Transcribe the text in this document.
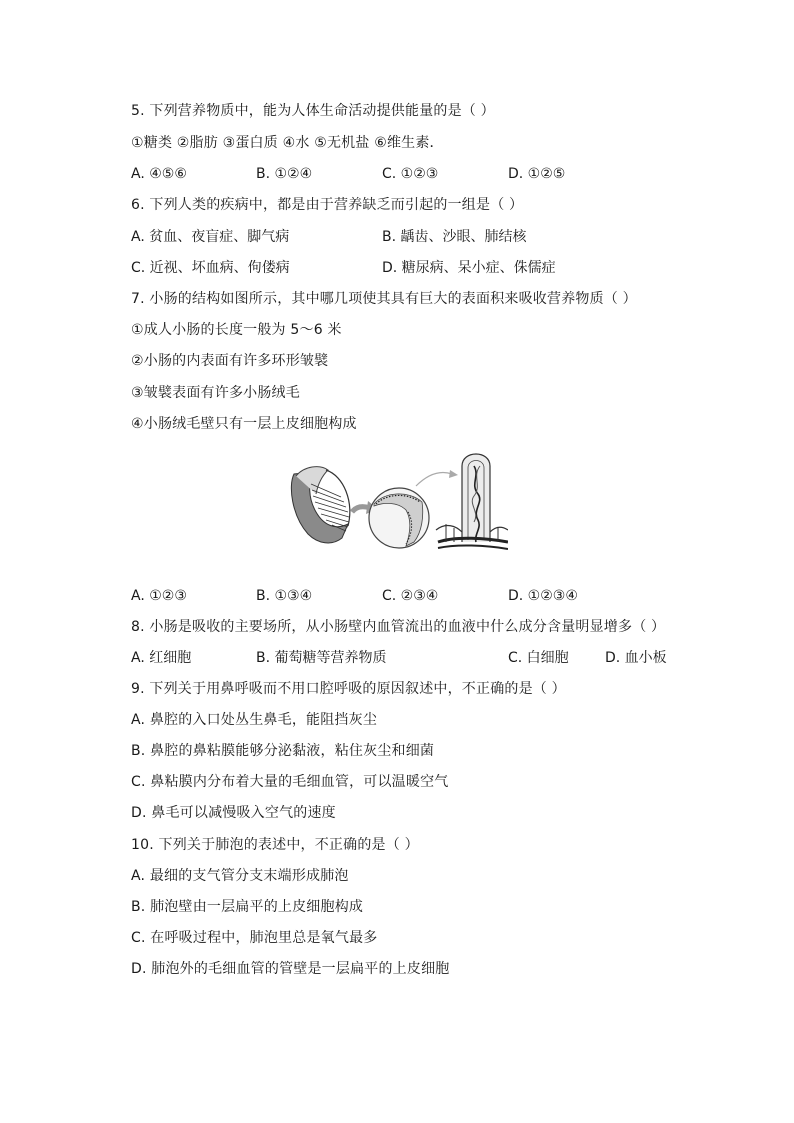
5. 下列营养物质中，能为人体生命活动提供能量的是（ ）
①糖类 ②脂肪 ③蛋白质 ④水 ⑤无机盐 ⑥维生素．
A. ④⑤⑥	B. ①②④	C. ①②③	D. ①②⑤
6. 下列人类的疾病中，都是由于营养缺乏而引起的一组是（ ）
A. 贫血、夜盲症、脚气病	B. 龋齿、沙眼、肺结核
C. 近视、坏血病、佝偻病	D. 糖尿病、呆小症、侏儒症
7. 小肠的结构如图所示，其中哪几项使其具有巨大的表面积来吸收营养物质（ ）
①成人小肠的长度一般为 5～6 米
②小肠的内表面有许多环形皱襞
③皱襞表面有许多小肠绒毛
④小肠绒毛壁只有一层上皮细胞构成
A. ①②③	B. ①③④	C. ②③④	D. ①②③④
8. 小肠是吸收的主要场所，从小肠壁内血管流出的血液中什么成分含量明显增多（ ）
A. 红细胞	B. 葡萄糖等营养物质	C. 白细胞	D. 血小板
9. 下列关于用鼻呼吸而不用口腔呼吸的原因叙述中，不正确的是（ ）
A. 鼻腔的入口处丛生鼻毛，能阻挡灰尘
B. 鼻腔的鼻粘膜能够分泌黏液，粘住灰尘和细菌
C. 鼻粘膜内分布着大量的毛细血管，可以温暖空气
D. 鼻毛可以减慢吸入空气的速度
10. 下列关于肺泡的表述中，不正确的是（ ）
A. 最细的支气管分支末端形成肺泡
B. 肺泡壁由一层扁平的上皮细胞构成
C. 在呼吸过程中，肺泡里总是氧气最多
D. 肺泡外的毛细血管的管壁是一层扁平的上皮细胞
